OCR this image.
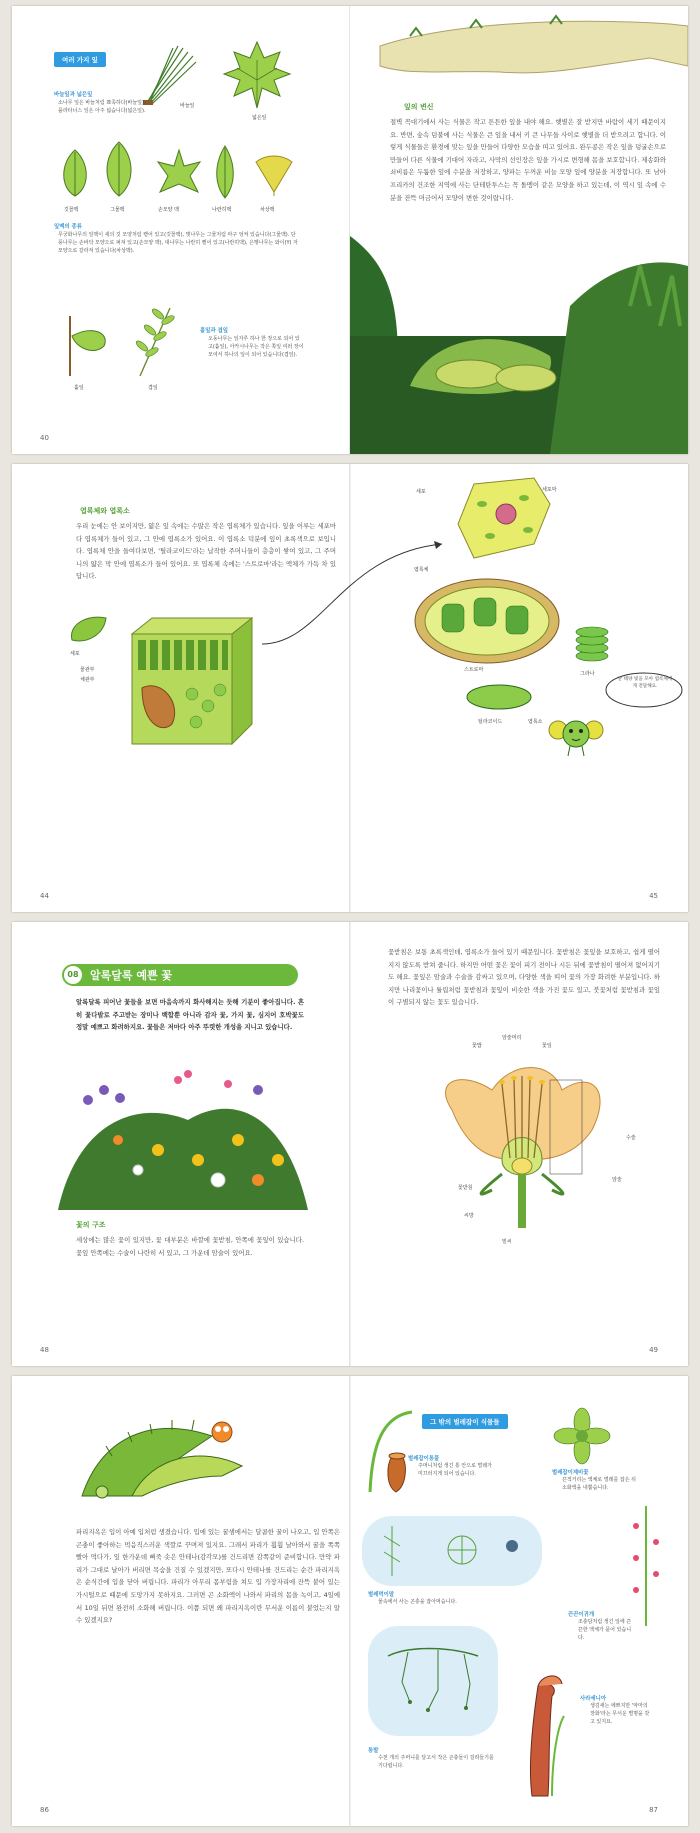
여러 가지 잎
바늘잎
넓은잎
바늘잎과 넓은잎
소나무 잎은 바늘처럼 뾰족하다(바늘잎). 플라타너스 잎은 아주 넓습니다(넓은잎).
깃꼴맥	그물맥	손모양 맥	나란히맥	차상맥
잎맥의 종류
무궁화나무의 잎맥이 새의 깃 모양처럼 뻗어 있고(깃꼴맥), 벚나무는 그물처럼 마구 엉켜 있습니다(그물맥). 단풍나무는 손바닥 모양으로 퍼져 있고(손모양 맥), 대나무는 나란히 뻗어 있고(나란히맥), 은행나무는 와이(Y) 자 모양으로 갈라져 있습니다(차상맥).
홑잎	겹잎
홑잎과 겹잎
오동나무는 잎자루 하나 한 장으로 되어 있고(홑잎), 아카시나무는 작은 쪽잎 여러 장이 모여서 하나의 잎이 되어 있습니다(겹잎).
40
잎의 변신
절벽 꼭대기에서 사는 식물은 작고 튼튼한 잎을 내야 해요. 햇볕은 잘 받지만 바람이 세기 때문이지요. 반면, 숲속 덤불에 사는 식물은 큰 잎을 내서 키 큰 나무들 사이로 햇볕을 더 받으려고 합니다. 이렇게 식물들은 환경에 맞는 잎을 만들어 다양한 모습을 띠고 있어요. 완두콩은 작은 잎을 덩굴손으로 만들어 다른 식물에 기대어 자라고, 사막의 선인장은 잎을 가시로 변형해 몸을 보호합니다. 제송화와 쇠비름은 두툼한 잎에 수분을 저장하고, 양파는 두꺼운 비늘 모양 잎에 양분을 저장합니다. 또 남아프리카의 건조한 지역에 사는 단테탄투스는 꼭 돌멩이 같은 모양을 하고 있는데, 이 역시 잎 속에 수분을 잔뜩 머금어서 모양이 변한 것이랍니다.
엽록체와 엽록소
우리 눈에는 안 보이지만, 얇은 잎 속에는 수많은 작은 엽록체가 있습니다. 잎을 이루는 세포마다 엽록체가 들어 있고, 그 안에 엽록소가 있어요. 이 엽록소 덕분에 잎이 초록색으로 보입니다. 엽록체 안을 들여다보면, '틸라코이드'라는 납작한 주머니들이 층층이 쌓여 있고, 그 주머니의 얇은 막 안에 엽록소가 들어 있어요. 또 엽록체 속에는 '스트로마'라는 액체가 가득 차 있답니다.
세포
물관부
체관부
세포	세포막
엽록체
스트로마
그라나
틸라코이드	엽록소
난 태양 빛을 모아 엽록체에게 전달해요.
44	45
08	알록달록 예쁜 꽃
알록달록 피어난 꽃들을 보면 마음속까지 화사해지는 듯해 기분이 좋아집니다. 흔히 꽃다발로 주고받는 장미나 백합뿐 아니라 감자 꽃, 가지 꽃, 심지어 호박꽃도 정말 예쁘고 화려하지요. 꽃들은 저마다 아주 뚜렷한 개성을 지니고 있습니다.
꽃의 구조
세상에는 많은 꽃이 있지만, 꽃 대부분은 바깥에 꽃받침, 안쪽에 꽃잎이 있습니다. 꽃잎 안쪽에는 수술이 나란히 서 있고, 그 가운데 암술이 있어요.
48
꽃받침은 보통 초록색인데, 엽록소가 들어 있기 때문입니다. 꽃받침은 꽃잎을 보호하고, 쉽게 떨어지지 않도록 받쳐 줍니다. 하지만 어떤 꽃은 꽃이 피기 전이나 시든 뒤에 꽃받침이 떨어져 없어지기도 해요. 꽃잎은 암술과 수술을 감싸고 있으며, 다양한 색을 띠어 꽃의 가장 화려한 부분입니다. 하지만 나리꽃이나 튤립처럼 꽃받침과 꽃잎이 비슷한 색을 가진 꽃도 있고, 붓꽃처럼 꽃받침과 꽃잎이 구별되지 않는 꽃도 있습니다.
꽃밥
암술머리
꽃잎
수술
꽃받침
암술
씨방
밑씨
49
파리지옥은 입이 아예 입처럼 생겼습니다. 입에 있는 꿀샘에서는 달콤한 꿀이 나오고, 입 안쪽은 곤충이 좋아하는 먹음직스러운 색깔로 꾸며져 있지요. 그래서 파리가 훨훨 날아와서 꿀을 쪽쪽 빨아 먹다가, 잎 한가운데 삐죽 솟은 안테나(감각모)를 건드리면 감쪽같이 준비합니다. 만약 파리가 그대로 날아가 버리면 목숨을 건질 수 있겠지만, 또다시 안테나를 건드리는 순간 파리지옥은 순식간에 입을 닫아 버립니다. 파리가 아무리 몸부림을 쳐도 입 가장자리에 잔뜩 붙어 있는 가시털으로 때문에 도망가지 못하지요. 그러면 곤 소화액이 나와서 파리의 몸을 녹이고, 4일에서 10일 뒤면 완전히 소화해 버립니다. 이쯤 되면 왜 파리지옥이란 무서운 이름이 붙었는지 알 수 있겠지요?
86
그 밖의 벌레잡이 식물들
벌레잡이통풀
주머니처럼 생긴 통 안으로 벌레가 미끄러지게 되어 있습니다.	벌레잡이제비꽃
끈적거리는 액체로 벌레를 잡은 뒤 소화액을 내뿜습니다.
벌레먹이말
물속에서 사는 곤충을 잡아먹습니다.
끈끈이귀개
조충담처럼 생긴 잎에 끈끈한 액체가 묻어 있습니다.
통발
수천 개의 주머니를 달고서 작은 곤충들이 걸려들기를 기다립니다.
사라세니아
생김새는 에쁘지만 '악마의 장화'라는 무서운 별명을 갖고 있지요.
87
